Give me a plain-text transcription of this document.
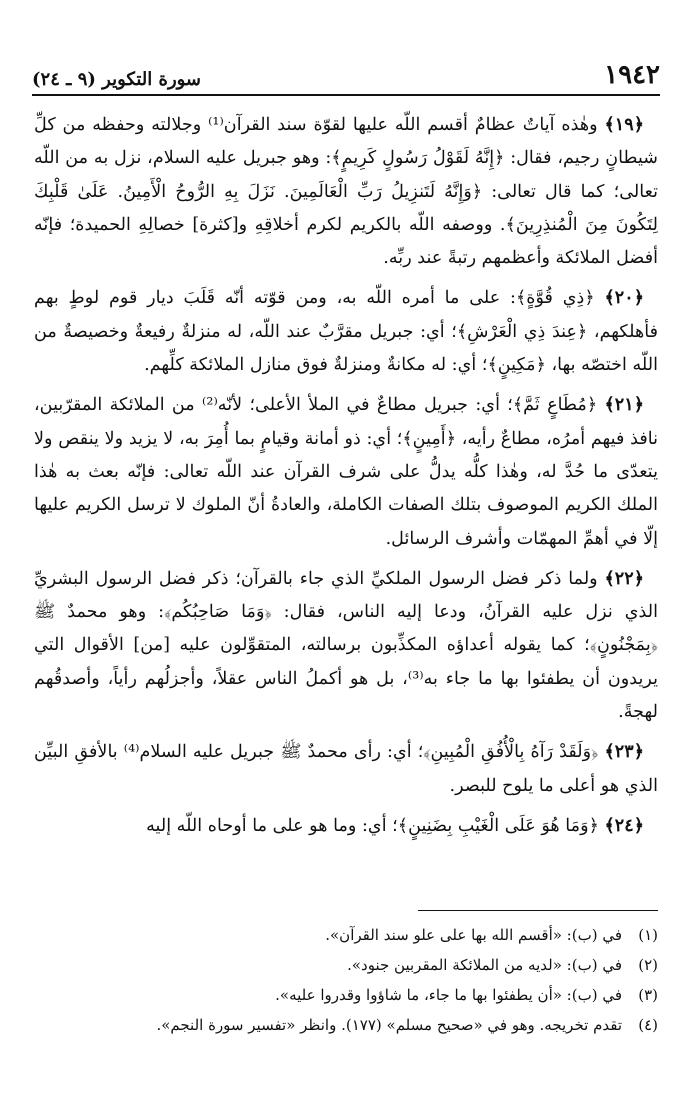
١٩٤٢
سورة التكوير (٩ ـ ٢٤)

﴿١٩﴾ وهٰذه آياتٌ عظامٌ أقسم اللّه عليها لقوّة سند القرآن⁽¹⁾ وجلالته وحفظه من كلِّ شيطانٍ رجيم، فقال: ﴿إِنَّهُ لَقَوْلُ رَسُولٍ كَرِيمٍ﴾: وهو جبريل عليه السلام، نزل به من اللّه تعالى؛ كما قال تعالى: ﴿وَإِنَّهُ لَتَنزِيلُ رَبِّ الْعَالَمِينَ. نَزَلَ بِهِ الرُّوحُ الْأَمِينُ. عَلَىٰ قَلْبِكَ لِتَكُونَ مِنَ الْمُنذِرِينَ﴾. ووصفه اللّه بالكريم لكرم أخلاقِهِ و[كثرة] خصالِهِ الحميدة؛ فإنّه أفضل الملائكة وأعظمهم رتبةً عند ربِّه.

﴿٢٠﴾ ﴿ذِي قُوَّةٍ﴾: على ما أمره اللّه به، ومن قوّته أنّه قَلَبَ ديار قوم لوطٍ بهم فأهلكهم، ﴿عِندَ ذِي الْعَرْشِ﴾؛ أي: جبريل مقرَّبٌ عند اللّه، له منزلةٌ رفيعةٌ وخصيصةٌ من اللّه اختصّه بها، ﴿مَكِينٍ﴾؛ أي: له مكانةٌ ومنزلةٌ فوق منازل الملائكة كلِّهم.

﴿٢١﴾ ﴿مُطَاعٍ ثَمَّ﴾؛ أي: جبريل مطاعٌ في الملأ الأعلى؛ لأنّه⁽²⁾ من الملائكة المقرّبين، نافذ فيهم أمرُه، مطاعٌ رأيه، ﴿أَمِينٍ﴾؛ أي: ذو أمانة وقيامٍ بما أُمِرَ به، لا يزيد ولا ينقص ولا يتعدّى ما حُدَّ له، وهٰذا كلُّه يدلُّ على شرف القرآن عند اللّه تعالى: فإنّه بعث به هٰذا الملك الكريم الموصوف بتلك الصفات الكاملة، والعادةُ أنّ الملوك لا ترسل الكريم عليها إلّا في أهمِّ المهمّات وأشرف الرسائل.

﴿٢٢﴾ ولما ذكر فضل الرسول الملكيِّ الذي جاء بالقرآن؛ ذكر فضل الرسول البشريِّ الذي نزل عليه القرآنُ، ودعا إليه الناس، فقال: ﴿وَمَا صَاحِبُكُم﴾: وهو محمدٌ ﷺ ﴿بِمَجْنُونٍ﴾؛ كما يقوله أعداؤه المكذِّبون برسالته، المتقوِّلون عليه [من] الأقوال التي يريدون أن يطفئوا بها ما جاء به⁽³⁾، بل هو أكملُ الناس عقلاً، وأجزلُهم رأياً، وأصدقُهم لهجةً.

﴿٢٣﴾ ﴿وَلَقَدْ رَآهُ بِالْأُفُقِ الْمُبِينِ﴾؛ أي: رأى محمدٌ ﷺ جبريل عليه السلام⁽⁴⁾ بالأفقِ البيِّن الذي هو أعلى ما يلوح للبصر.

﴿٢٤﴾ ﴿وَمَا هُوَ عَلَى الْغَيْبِ بِضَنِينٍ﴾؛ أي: وما هو على ما أوحاه اللّه إليه

(١)
في (ب): «أقسم الله بها على علو سند القرآن».
(٢)
في (ب): «لديه من الملائكة المقربين جنود».
(٣)
في (ب): «أن يطفئوا بها ما جاء، ما شاؤوا وقدروا عليه».
(٤)
تقدم تخريجه. وهو في «صحيح مسلم» (١٧٧). وانظر «تفسير سورة النجم».
